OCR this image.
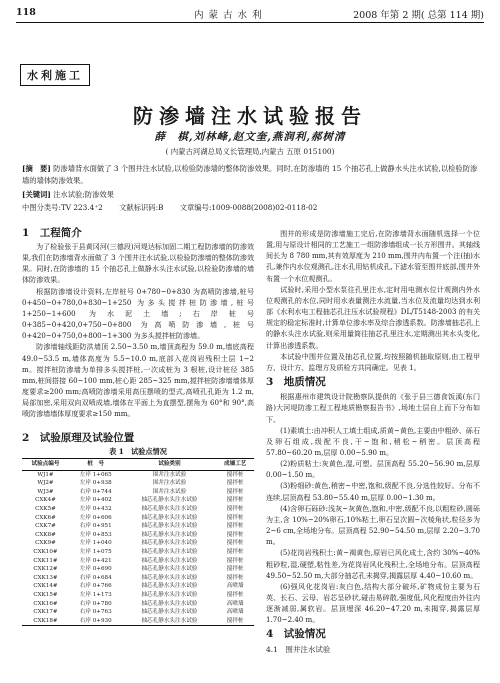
118	内 蒙 古 水 利	2008 年第 2 期( 总第 114 期)
水利施工
防渗墙注水试验报告
薛　棋,刘林峰,赵文奎,燕润利,郝树清
( 内蒙古河湖总局义长管理局,内蒙古 五原 015100)
[摘　要] 防渗墙背水面做了 3 个围井注水试验,以检验防渗墙的整体防渗效果。同时,在防渗墙的 15 个抽芯孔上做静水头注水试验,以检验防渗墙的墙体防渗效果。
[关键词] 注水试验;防渗效果
中图分类号:TV 223.4⁺2 文献标识码:B 文章编号:1009-0088(2008)02-0118-02
1　工程简介

为了检验张于县黄冈河(三德段)河堤达标加固二期工程防渗墙的防渗效果,我们在防渗墙背水面做了 3 个围井注水试验,以检验防渗墙的整体防渗效果。同时,在防渗墙的 15 个抽芯孔上做静水头注水试验,以检验防渗墙的墙体防渗效果。

根据防渗墙设计资料,左岸桩号 0+780~0+830 为高喷防渗墙,桩号 0+450~0+780,0+830~1+250 为多头搅拌桩防渗墙,桩号 1+250~1+600 为水泥土墙;右岸桩号 0+385~0+420,0+750~0+800 为高喷防渗墙,桩号 0+420~0+750,0+800~1+300 为多头搅拌桩防渗墙。

防渗墙轴线距防洪墙顶 2.50~3.50 m,墙顶高程为 59.0 m,墙底高程 49.0~53.5 m,墙体高度为 5.5~10.0 m,底部入花岗岩残积土层 1~2 m。搅拌桩防渗墙为单排多头搅拌桩,一次成桩为 3 根桩,设计桩径 385 mm,桩间搭接 60~100 mm,桩心距 285~325 mm,搅拌桩防渗墙墙体厚度要求≥200 mm;高喷防渗墙采用高压摆喷的型式,高喷孔孔距为 1.2 m,局部加密,采用双向双喷成墙,墙体在平面上为直摆型,摆角为 60°和 90°,高喷防渗墙墙体厚度要求≥150 mm。

2　试验原理及试验位置
表 1　试验点情况
试验点编号	桩　号	试验类别	成墙工艺
WJ1#	左岸 1+065	围井注水试验	搅拌桩
WJ2#	左岸 0+938	围井注水试验	搅拌桩
WJ3#	右岸 0+744	围井注水试验	搅拌桩
CXK4#	左岸 0+402	抽芯孔静水头注水试验	搅拌桩
CXK5#	左岸 0+432	抽芯孔静水头注水试验	搅拌桩
CXK6#	左岸 0+606	抽芯孔静水头注水试验	搅拌桩
CXK7#	右岸 0+951	抽芯孔静水头注水试验	搅拌桩
CXK8#	左岸 0+853	抽芯孔静水头注水试验	搅拌桩
CXK9#	左岸 1+040	抽芯孔静水头注水试验	搅拌桩
CXK10#	左岸 1+075	抽芯孔静水头注水试验	搅拌桩
CXK11#	左岸 0+421	抽芯孔静水头注水试验	搅拌桩
CXK12#	左岸 0+690	抽芯孔静水头注水试验	搅拌桩
CXK13#	右岸 0+684	抽芯孔静水头注水试验	搅拌桩
CXK14#	右岸 0+766	抽芯孔静水头注水试验	高喷墙
CXK15#	左岸 1+173	抽芯孔静水头注水试验	搅拌桩
CXK16#	右岸 0+780	抽芯孔静水头注水试验	高喷墙
CXK17#	右岸 0+763	抽芯孔静水头注水试验	高喷墙
CXK18#	右岸 0+930	抽芯孔静水头注水试验	搅拌桩

围井的形成是防渗墙施工完后,在防渗墙背水面随机选择一个位置,用与原设计相同的工艺施工一组防渗墙组成一长方形围井。其轴线间长为 8 780 mm,其有效厚度为 210 mm,围井内布置一个注(抽)水孔,兼作内水位观测孔,注水孔用钻机成孔,下滤水管至围井底部,围井外布置一个水位观测孔。

试验时,采用小型水泵往孔里注水,定时用电测水位计观测内外水位观测孔的水位,同时用水表量测注水流量,当水位及流量均达到水利部《水利水电工程抽芯孔注压水试验规程》DL/T5148-2003 的有关规定的稳定标准时,计算单位渗水率及综合渗透系数。防渗墙抽芯孔上的静水头注水试验,则采用量筒往抽芯孔里注水,定期测出其水头变化,计算出渗透系数。

本试验中围井位置及抽芯孔位置,均按照随机抽取原则,由工程甲方、设计方、监理方及质检方共同确定。见表 1。

3　地质情况

根据惠州市建筑设计院勘察队提供的《张于县三德食饭溪(东门路)大河堤防渗工程工程地质勘察报告书》,场地土层自上而下分布如下。

(1)素填土:由冲积人工填土组成,质黄~黄色,主要由中粗砂、砾石及卵石组成,级配不良,干~饱和,稍松~稍密。层顶高程 57.80~60.20 m,层厚 0.00~5.90 m。

(2)粉质粘土:灰黄色,湿,可塑。层顶高程 55.20~56.90 m,层厚 0.00~1.50 m。

(3)粉细砂:黄色,稍密~中密,饱和,级配不良,分选性较好。分布不连续,层顶高程 53.80~55.40 m,层厚 0.00~1.30 m。

(4)含卵石砾砂:浅灰~灰黄色,饱和,中密,级配不良,以粗粒砂,圆砾为主,含 10%~20%卵石,10%粘土,卵石呈次圆~次棱角状,粒径多为 2~6 cm,全场地分布。层顶高程 52.90~54.50 m,层厚 2.20~3.70 m。

(5)花岗岩残积土:黄~褐黄色,原岩已风化成土,含约 30%~40%粗砂粒,湿,硬塑,粘性差,为花岗岩风化残积土,全场地分布。层顶高程 49.50~52.50 m,大部分抽芯孔未揭穿,揭露层厚 4.40~10.60 m。

(6)强风化花岗岩:灰白色,结构大部分破坏,矿物成份主要为石英、长石、云母、岩芯呈砂状,碰击易碎散,强度低,风化程度由外往内逐渐减弱,属软岩。层顶埋深 46.20~47.20 m,未揭穿,揭露层厚 1.70~2.40 m。

4　试验情况
4.1　围井注水试验
